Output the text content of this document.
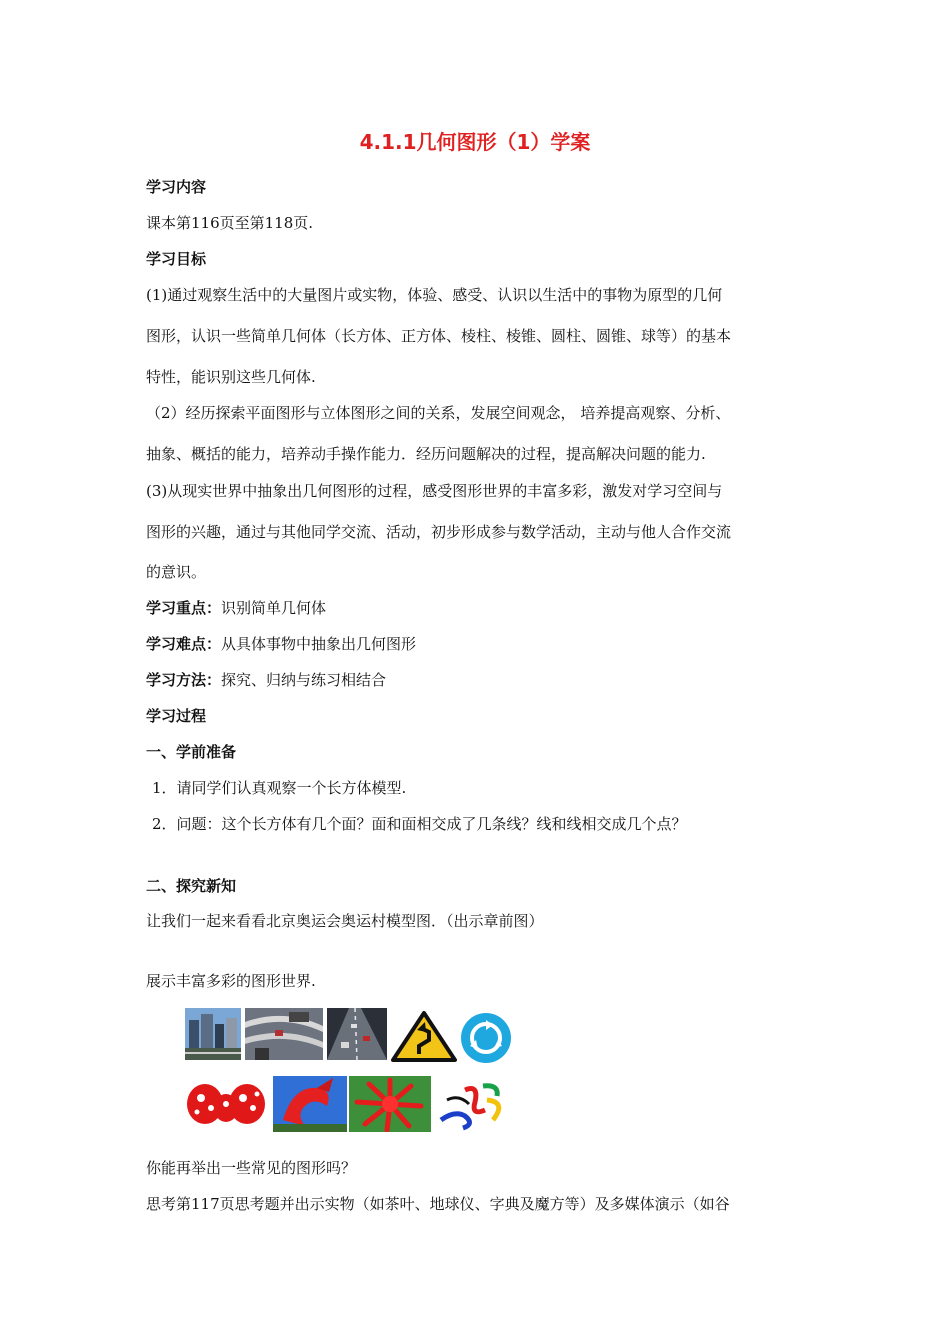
4.1.1几何图形（1）学案
学习内容
课本第116页至第118页.
学习目标
(1)通过观察生活中的大量图片或实物，体验、感受、认识以生活中的事物为原型的几何
图形，认识一些简单几何体（长方体、正方体、棱柱、棱锥、圆柱、圆锥、球等）的基本
特性，能识别这些几何体.
（2）经历探索平面图形与立体图形之间的关系，发展空间观念， 培养提高观察、分析、
抽象、概括的能力，培养动手操作能力．经历问题解决的过程，提高解决问题的能力.
(3)从现实世界中抽象出几何图形的过程，感受图形世界的丰富多彩，激发对学习空间与
图形的兴趣，通过与其他同学交流、活动，初步形成参与数学活动，主动与他人合作交流
的意识。
学习重点：识别简单几何体
学习难点：从具体事物中抽象出几何图形
学习方法：探究、归纳与练习相结合
学习过程
一、学前准备
1．请同学们认真观察一个长方体模型.
2．问题：这个长方体有几个面？面和面相交成了几条线？线和线相交成几个点？
二、探究新知
让我们一起来看看北京奥运会奥运村模型图．（出示章前图）
展示丰富多彩的图形世界.
你能再举出一些常见的图形吗？
思考第117页思考题并出示实物（如茶叶、地球仪、字典及魔方等）及多媒体演示（如谷
